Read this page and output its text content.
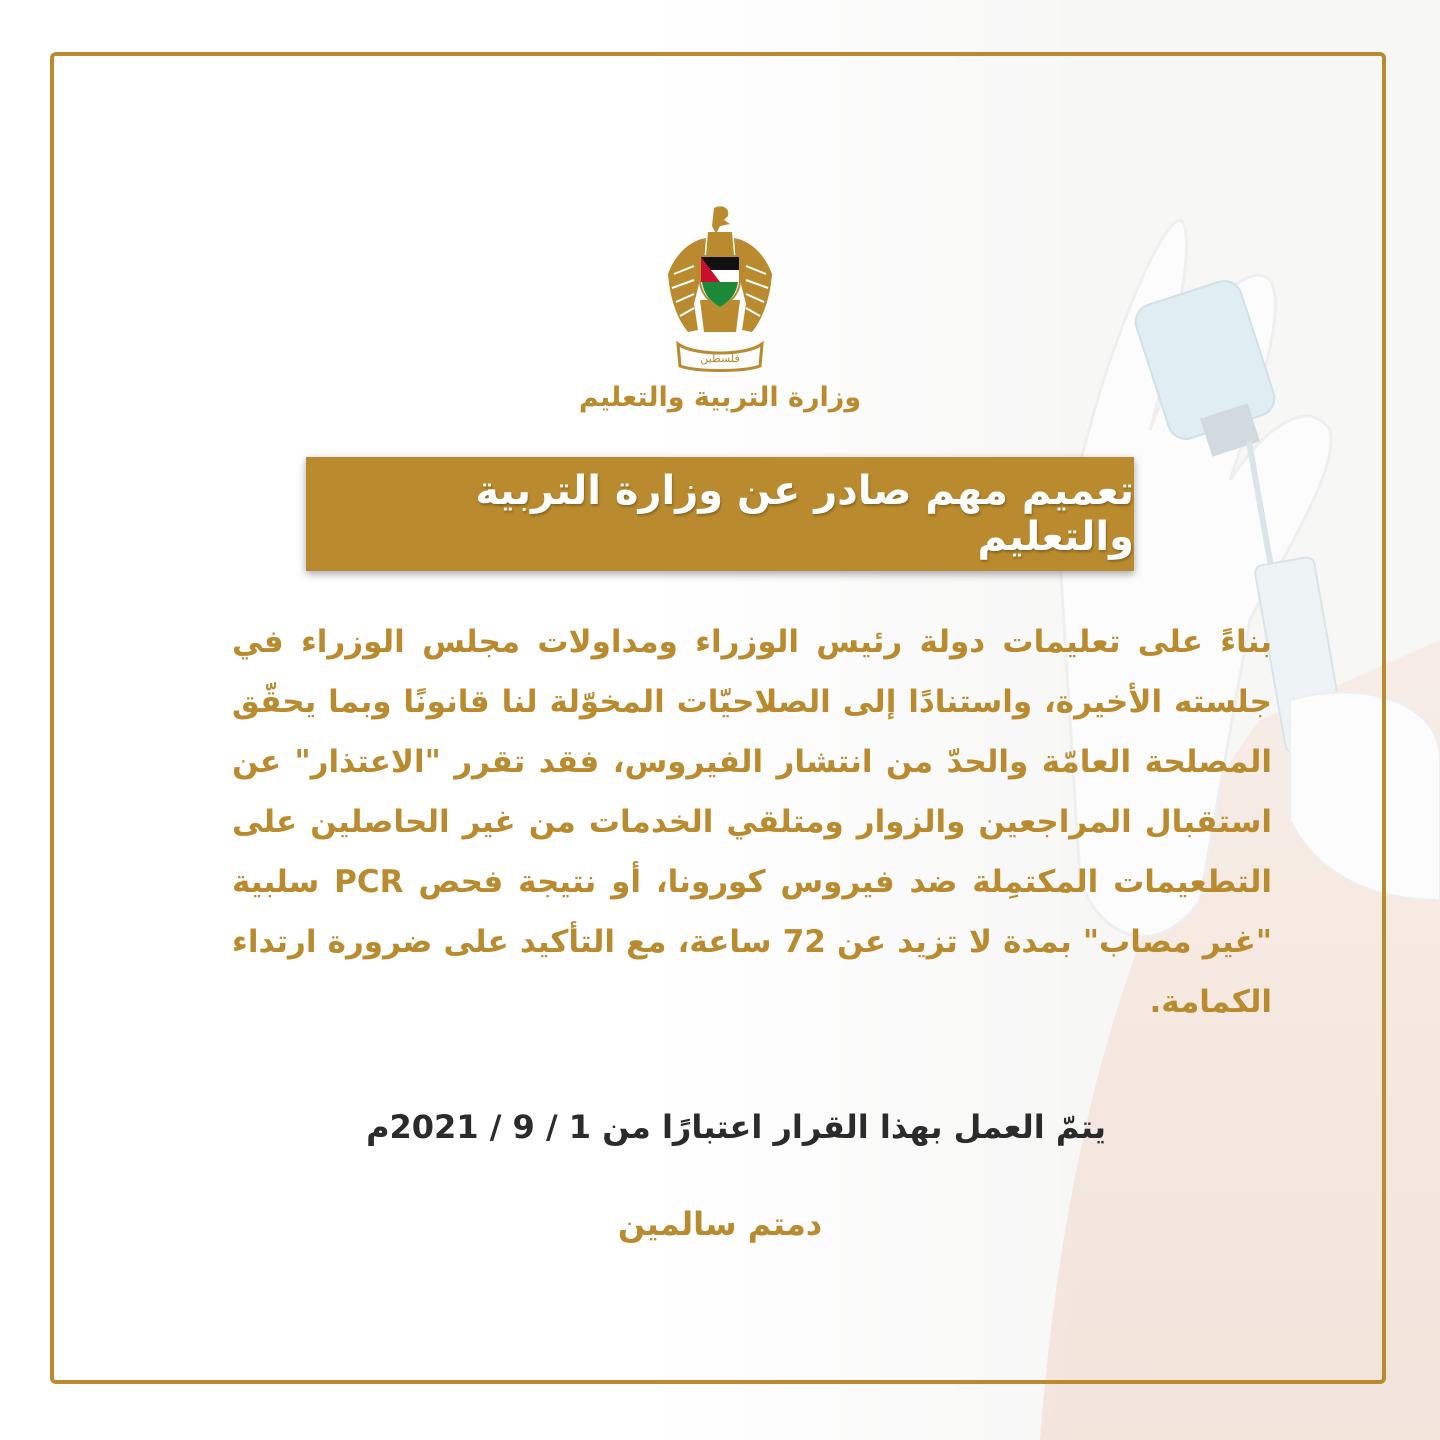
فلسطين
وزارة التربية والتعليم
تعميم مهم صادر عن وزارة التربية والتعليم
بناءً على تعليمات دولة رئيس الوزراء ومداولات مجلس الوزراء في جلسته الأخيرة، واستنادًا إلى الصلاحيّات المخوّلة لنا قانونًا وبما يحقّق المصلحة العامّة والحدّ من انتشار الفيروس، فقد تقرر "الاعتذار" عن استقبال المراجعين والزوار ومتلقي الخدمات من غير الحاصلين على التطعيمات المكتمِلة ضد فيروس كورونا، أو نتيجة فحص PCR سلبية "غير مصاب" بمدة لا تزيد عن 72 ساعة، مع التأكيد على ضرورة ارتداء الكمامة.
يتمّ العمل بهذا القرار اعتبارًا من 1 / 9 / 2021م
دمتم سالمين
